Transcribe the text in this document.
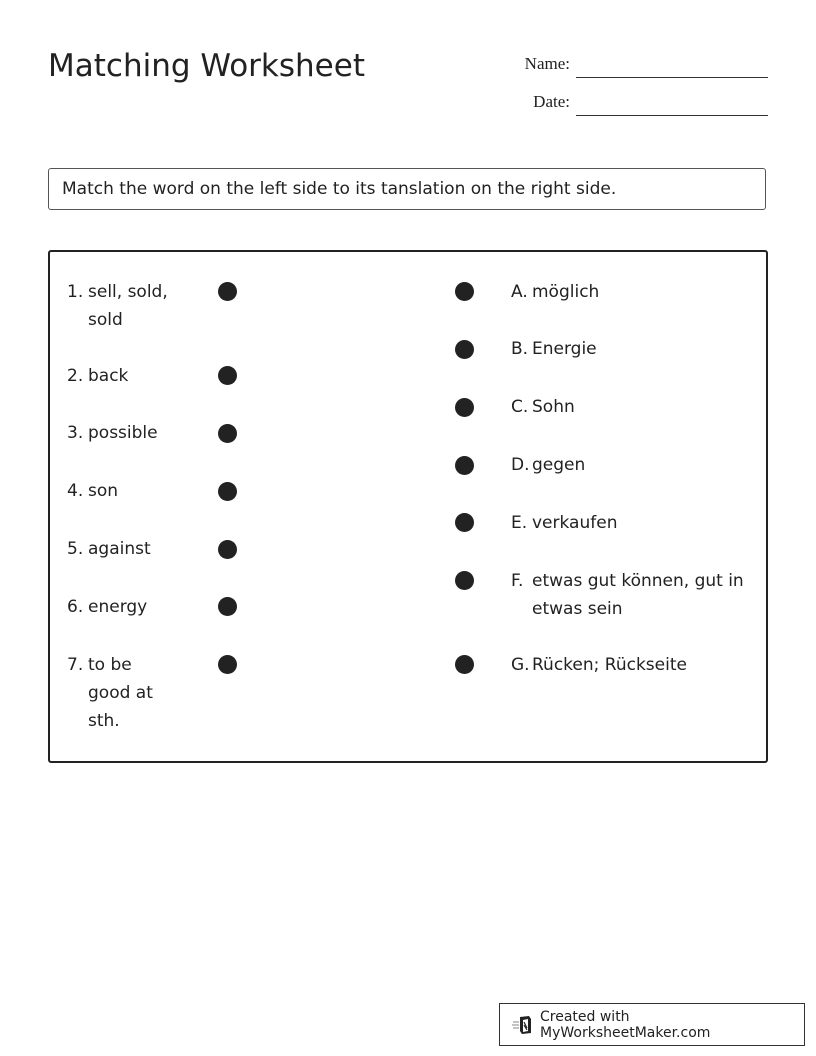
Matching Worksheet	Name:
Date:
Match the word on the left side to its tanslation on the right side.
1. sell, sold, sold
2. back
3. possible
4. son
5. against
6. energy
7. to be good at sth.
A. möglich
B. Energie
C. Sohn
D. gegen
E. verkaufen
F. etwas gut können, gut in etwas sein
G. Rücken; Rückseite
Created with MyWorksheetMaker.com
